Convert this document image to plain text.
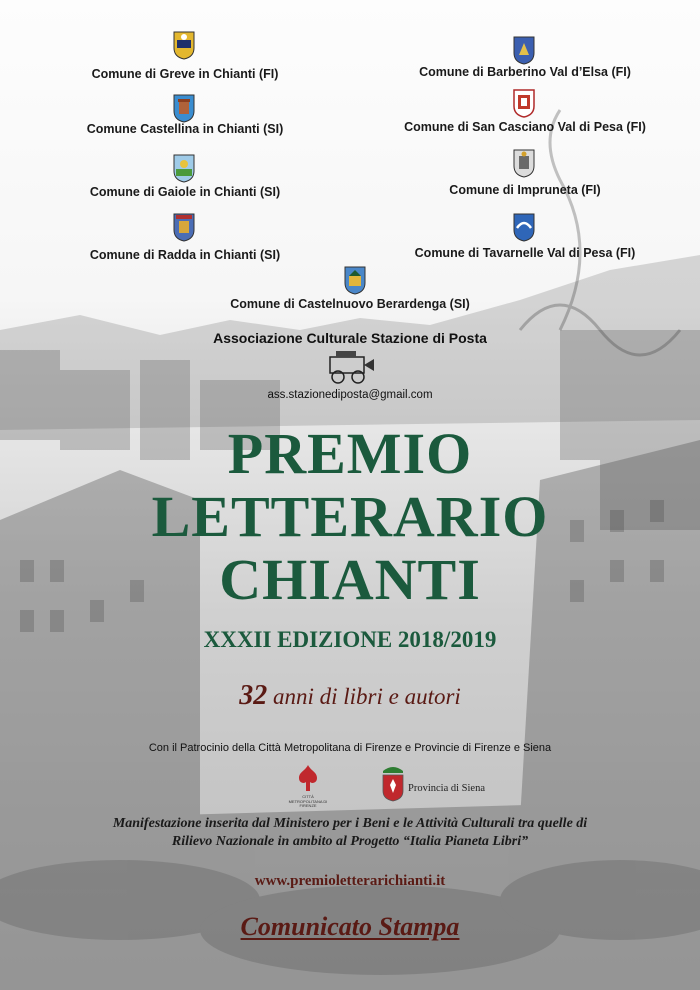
Comune di Greve in Chianti (FI)
Comune Castellina in Chianti (SI)
Comune di Gaiole in Chianti (SI)
Comune di Radda in Chianti (SI)
Comune di Barberino Val d’Elsa (FI)
Comune di San Casciano Val di Pesa (FI)
Comune di Impruneta (FI)
Comune di Tavarnelle Val di Pesa (FI)
Comune di Castelnuovo Berardenga (SI)
Associazione Culturale Stazione di Posta
ass.stazionediposta@gmail.com
PREMIO
LETTERARIO
CHIANTI
XXXII EDIZIONE 2018/2019
32 anni di libri e autori
Con il Patrocinio della Città Metropolitana di Firenze e Provincie di Firenze e Siena
CITTÀ METROPOLITANA DI FIRENZE
Provincia di Siena
Manifestazione inserita dal Ministero per i Beni e le Attività Culturali tra quelle di
Rilievo Nazionale in ambito al Progetto “Italia Pianeta Libri”
www.premioletterarichianti.it
Comunicato Stampa
